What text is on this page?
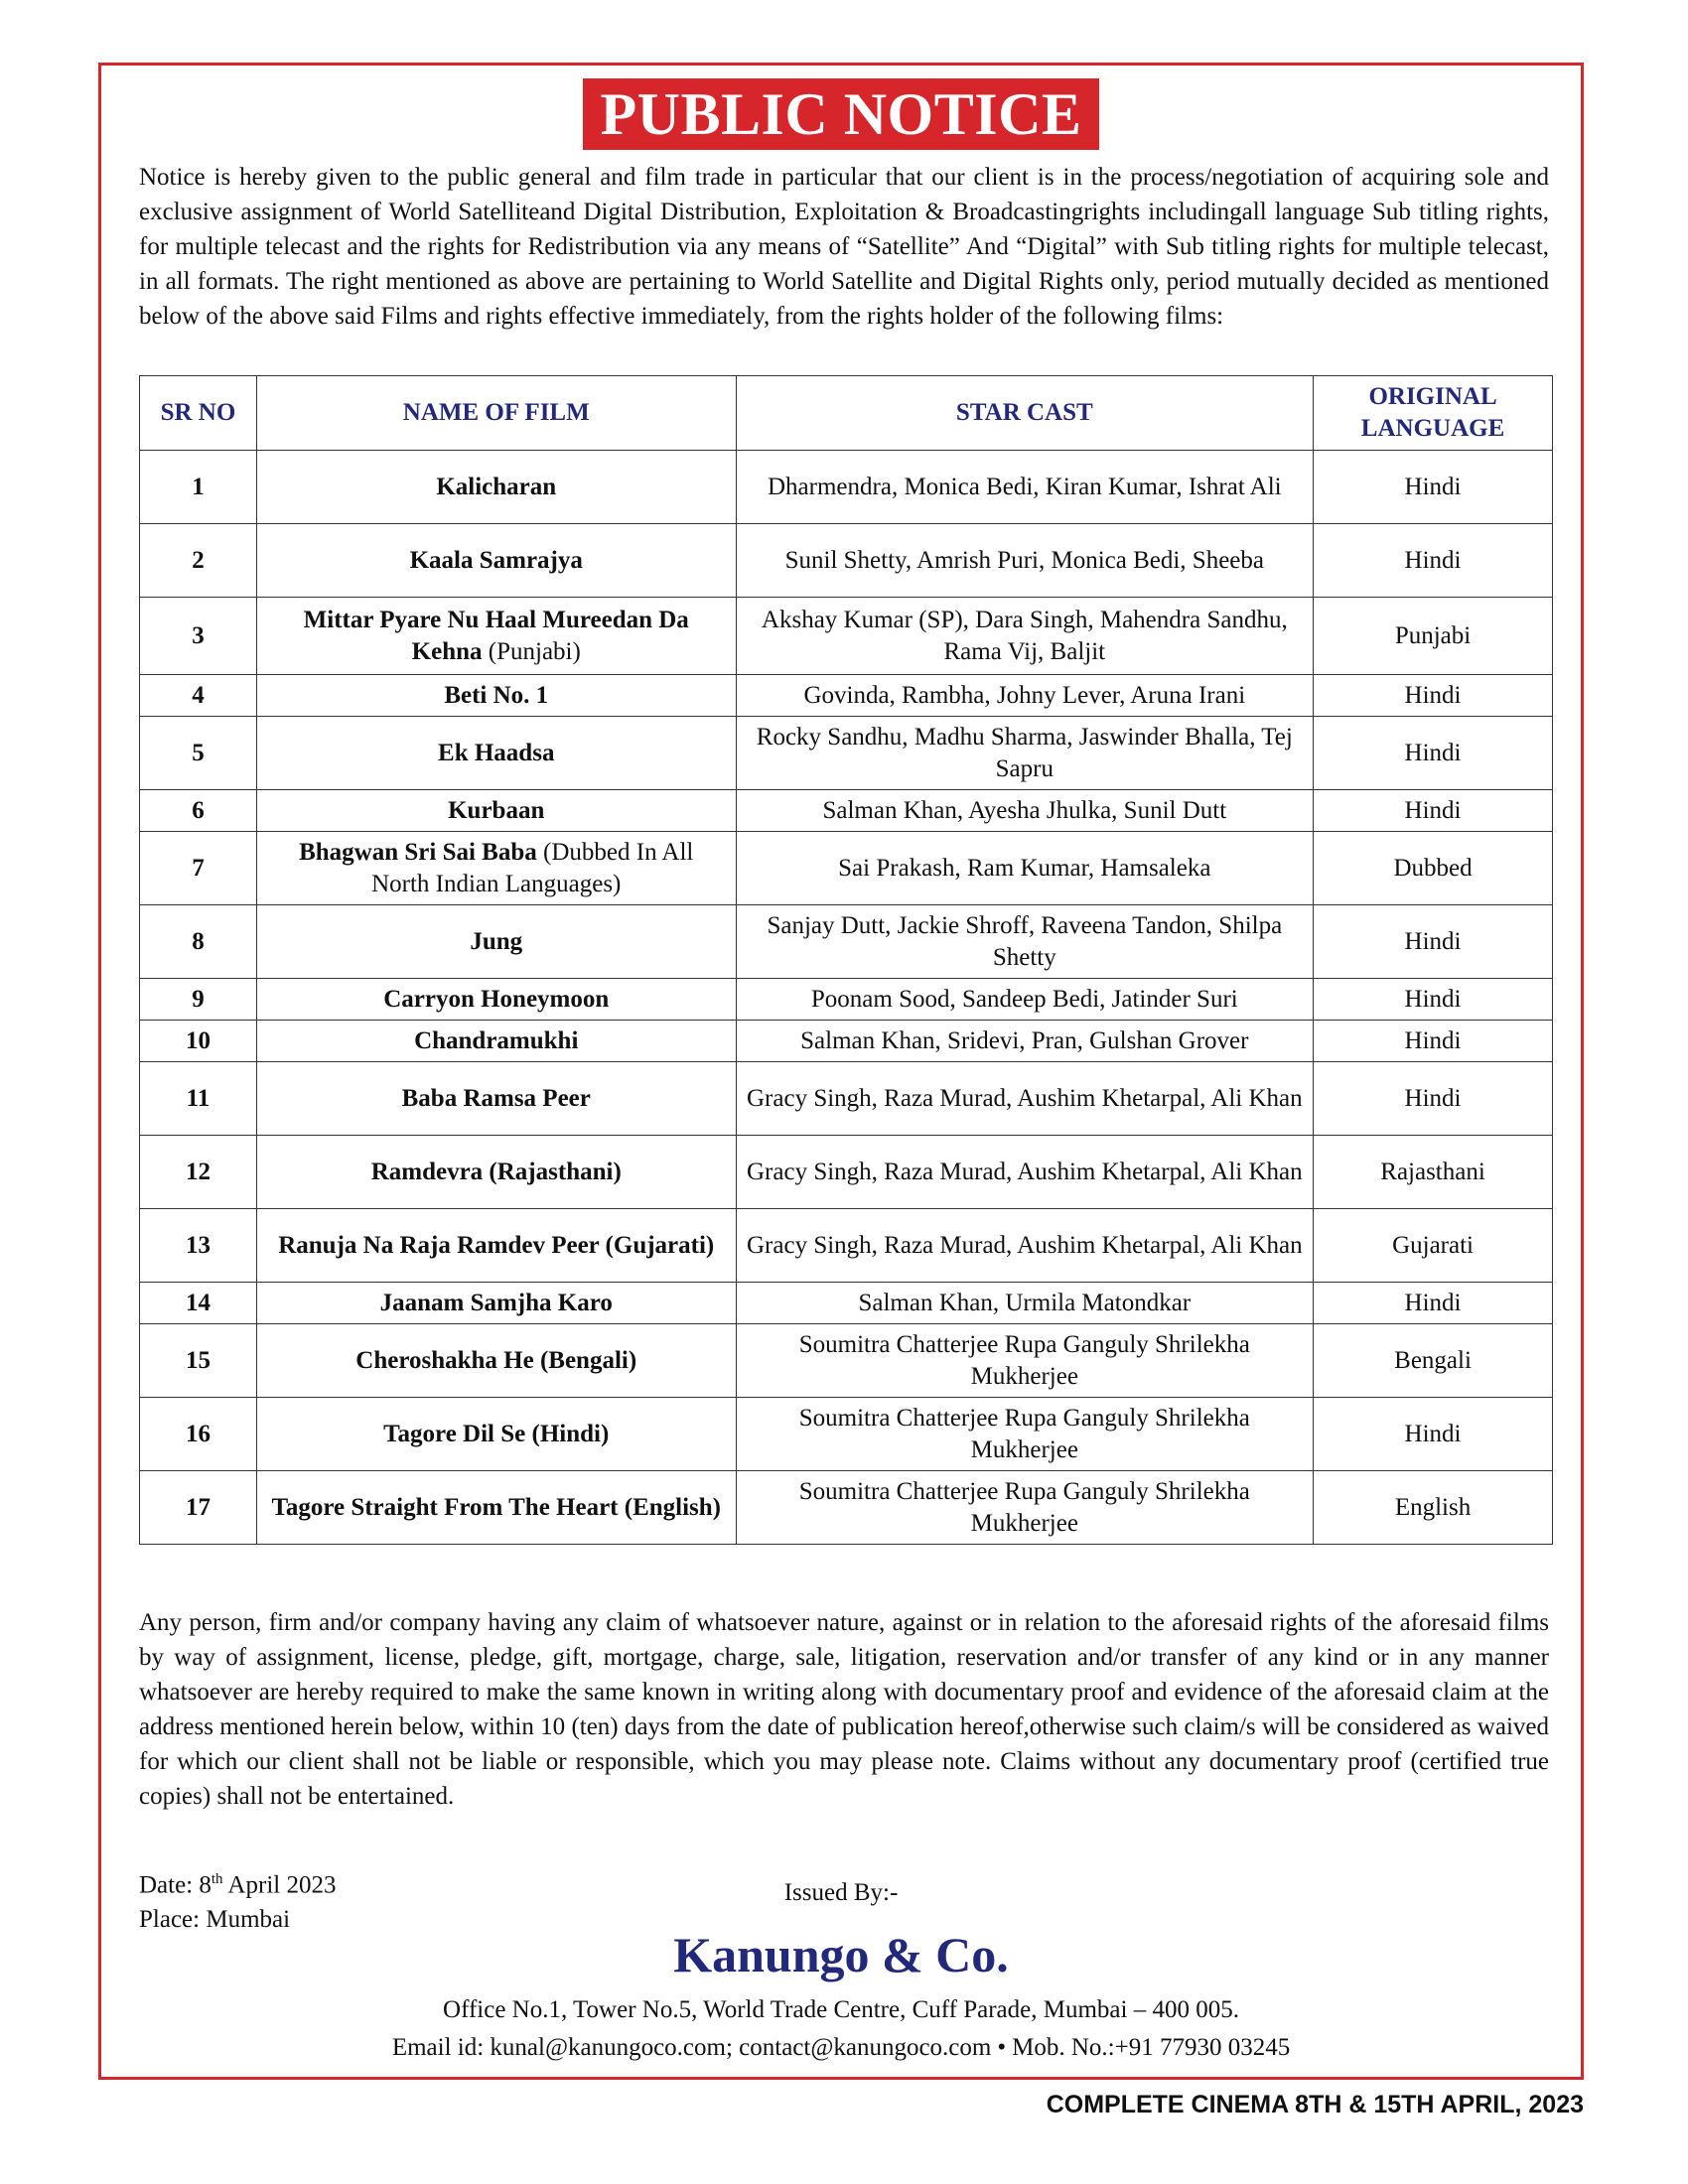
PUBLIC NOTICE

Notice is hereby given to the public general and film trade in particular that our client is in the process/negotiation of acquiring sole and exclusive assignment of World Satelliteand Digital Distribution, Exploitation & Broadcastingrights includingall language Sub titling rights, for multiple telecast and the rights for Redistribution via any means of “Satellite” And “Digital” with Sub titling rights for multiple telecast, in all formats. The right mentioned as above are pertaining to World Satellite and Digital Rights only, period mutually decided as mentioned below of the above said Films and rights effective immediately, from the rights holder of the following films:

SR NO	NAME OF FILM	STAR CAST	ORIGINAL LANGUAGE
1	Kalicharan	Dharmendra, Monica Bedi, Kiran Kumar, Ishrat Ali	Hindi
2	Kaala Samrajya	Sunil Shetty, Amrish Puri, Monica Bedi, Sheeba	Hindi
3	Mittar Pyare Nu Haal Mureedan Da Kehna (Punjabi)	Akshay Kumar (SP), Dara Singh, Mahendra Sandhu, Rama Vij, Baljit	Punjabi
4	Beti No. 1	Govinda, Rambha, Johny Lever, Aruna Irani	Hindi
5	Ek Haadsa	Rocky Sandhu, Madhu Sharma, Jaswinder Bhalla, Tej Sapru	Hindi
6	Kurbaan	Salman Khan, Ayesha Jhulka, Sunil Dutt	Hindi
7	Bhagwan Sri Sai Baba (Dubbed In All North Indian Languages)	Sai Prakash, Ram Kumar, Hamsaleka	Dubbed
8	Jung	Sanjay Dutt, Jackie Shroff, Raveena Tandon, Shilpa Shetty	Hindi
9	Carryon Honeymoon	Poonam Sood, Sandeep Bedi, Jatinder Suri	Hindi
10	Chandramukhi	Salman Khan, Sridevi, Pran, Gulshan Grover	Hindi
11	Baba Ramsa Peer	Gracy Singh, Raza Murad, Aushim Khetarpal, Ali Khan	Hindi
12	Ramdevra (Rajasthani)	Gracy Singh, Raza Murad, Aushim Khetarpal, Ali Khan	Rajasthani
13	Ranuja Na Raja Ramdev Peer (Gujarati)	Gracy Singh, Raza Murad, Aushim Khetarpal, Ali Khan	Gujarati
14	Jaanam Samjha Karo	Salman Khan, Urmila Matondkar	Hindi
15	Cheroshakha He (Bengali)	Soumitra Chatterjee Rupa Ganguly Shrilekha Mukherjee	Bengali
16	Tagore Dil Se (Hindi)	Soumitra Chatterjee Rupa Ganguly Shrilekha Mukherjee	Hindi
17	Tagore Straight From The Heart (English)	Soumitra Chatterjee Rupa Ganguly Shrilekha Mukherjee	English

Any person, firm and/or company having any claim of whatsoever nature, against or in relation to the aforesaid rights of the aforesaid films by way of assignment, license, pledge, gift, mortgage, charge, sale, litigation, reservation and/or transfer of any kind or in any manner whatsoever are hereby required to make the same known in writing along with documentary proof and evidence of the aforesaid claim at the address mentioned herein below, within 10 (ten) days from the date of publication hereof,otherwise such claim/s will be considered as waived for which our client shall not be liable or responsible, which you may please note. Claims without any documentary proof (certified true copies) shall not be entertained.

Date: 8th April 2023
Place: Mumbai
Issued By:-
Kanungo & Co.
Office No.1, Tower No.5, World Trade Centre, Cuff Parade, Mumbai – 400 005.
Email id: kunal@kanungoco.com; contact@kanungoco.com • Mob. No.:+91 77930 03245
COMPLETE CINEMA 8TH & 15TH APRIL, 2023
